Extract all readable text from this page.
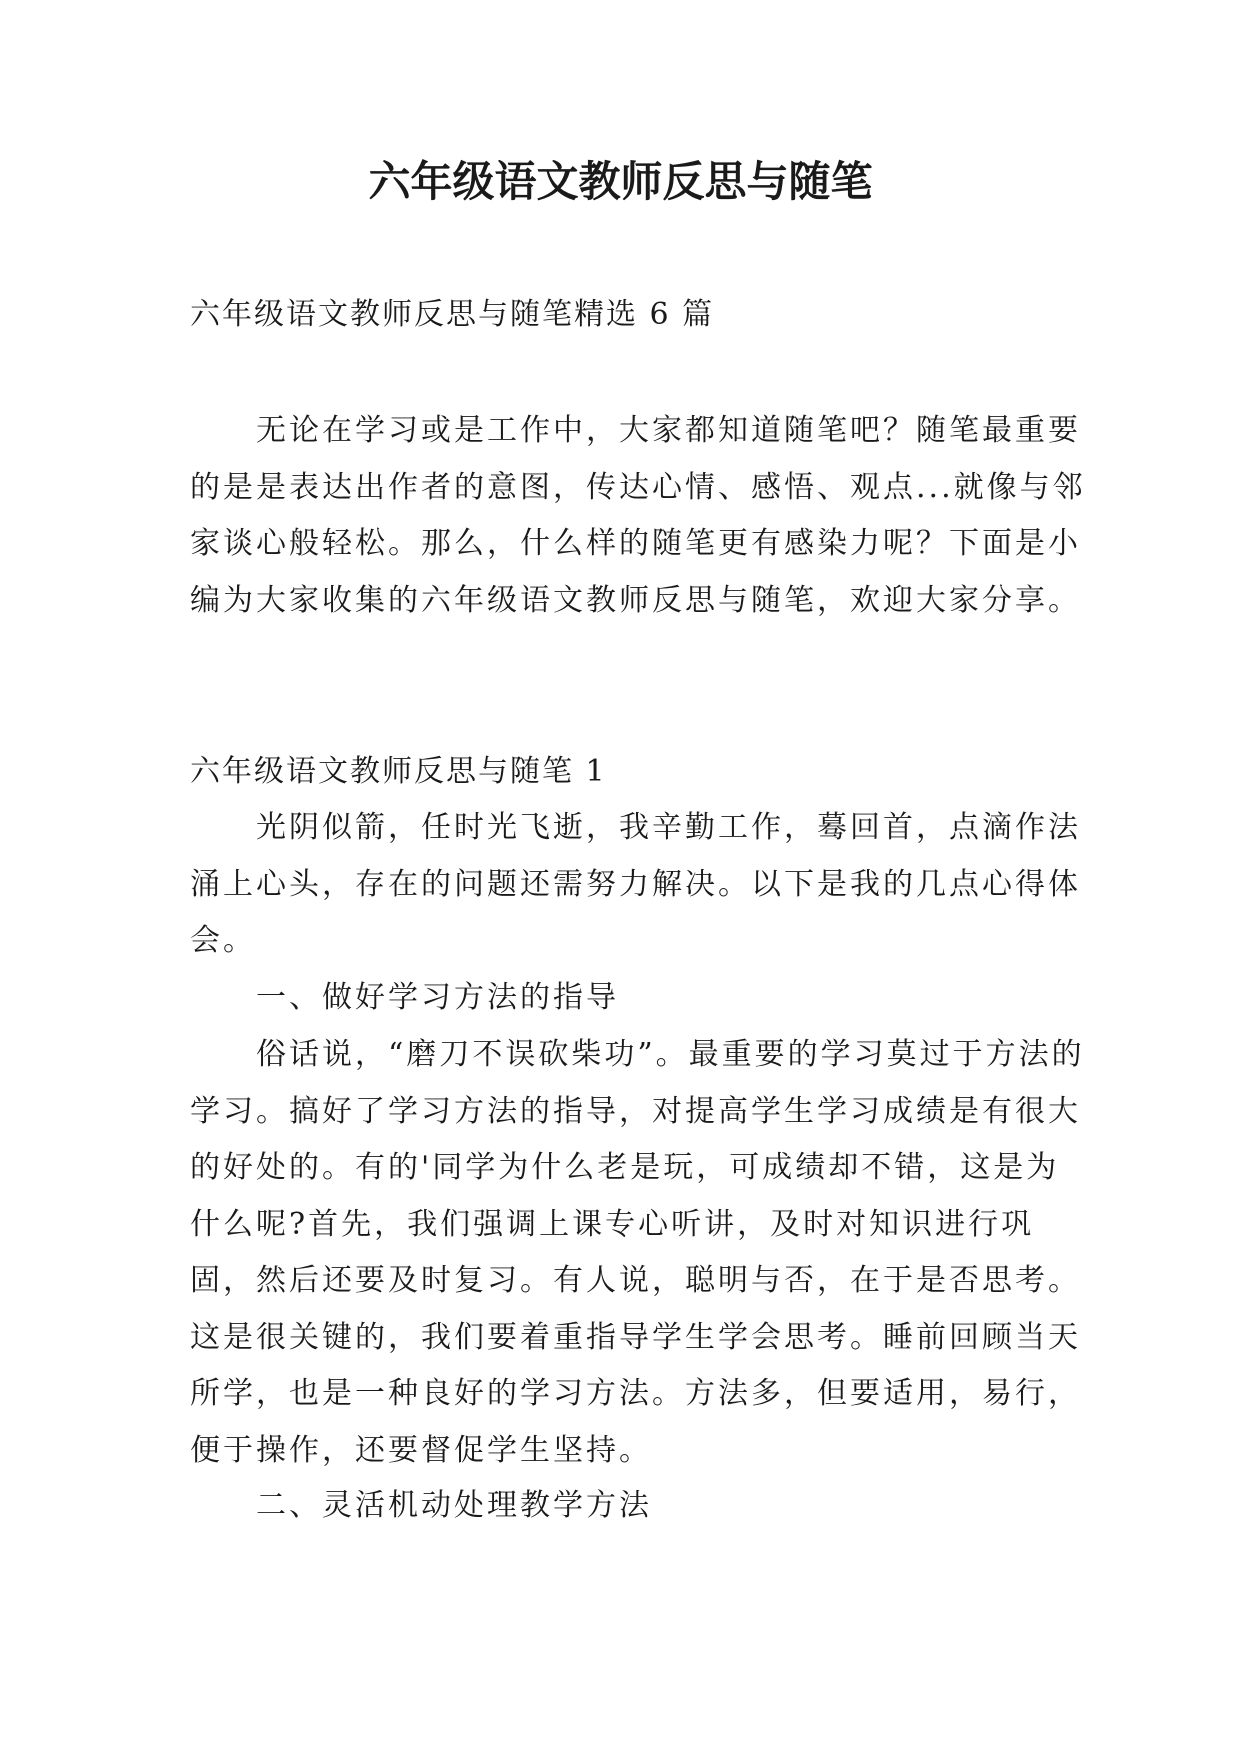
六年级语文教师反思与随笔

六年级语文教师反思与随笔精选 6 篇

无论在学习或是工作中，大家都知道随笔吧？随笔最重要的是是表达出作者的意图，传达心情、感悟、观点...就像与邻家谈心般轻松。那么，什么样的随笔更有感染力呢？下面是小编为大家收集的六年级语文教师反思与随笔，欢迎大家分享。

六年级语文教师反思与随笔 1

光阴似箭，任时光飞逝，我辛勤工作，蓦回首，点滴作法涌上心头，存在的问题还需努力解决。以下是我的几点心得体会。

一、做好学习方法的指导

俗话说，“磨刀不误砍柴功”。最重要的学习莫过于方法的学习。搞好了学习方法的指导，对提高学生学习成绩是有很大的好处的。有的'同学为什么老是玩，可成绩却不错，这是为什么呢?首先，我们强调上课专心听讲，及时对知识进行巩固，然后还要及时复习。有人说，聪明与否，在于是否思考。这是很关键的，我们要着重指导学生学会思考。睡前回顾当天所学，也是一种良好的学习方法。方法多，但要适用，易行，便于操作，还要督促学生坚持。

二、灵活机动处理教学方法
